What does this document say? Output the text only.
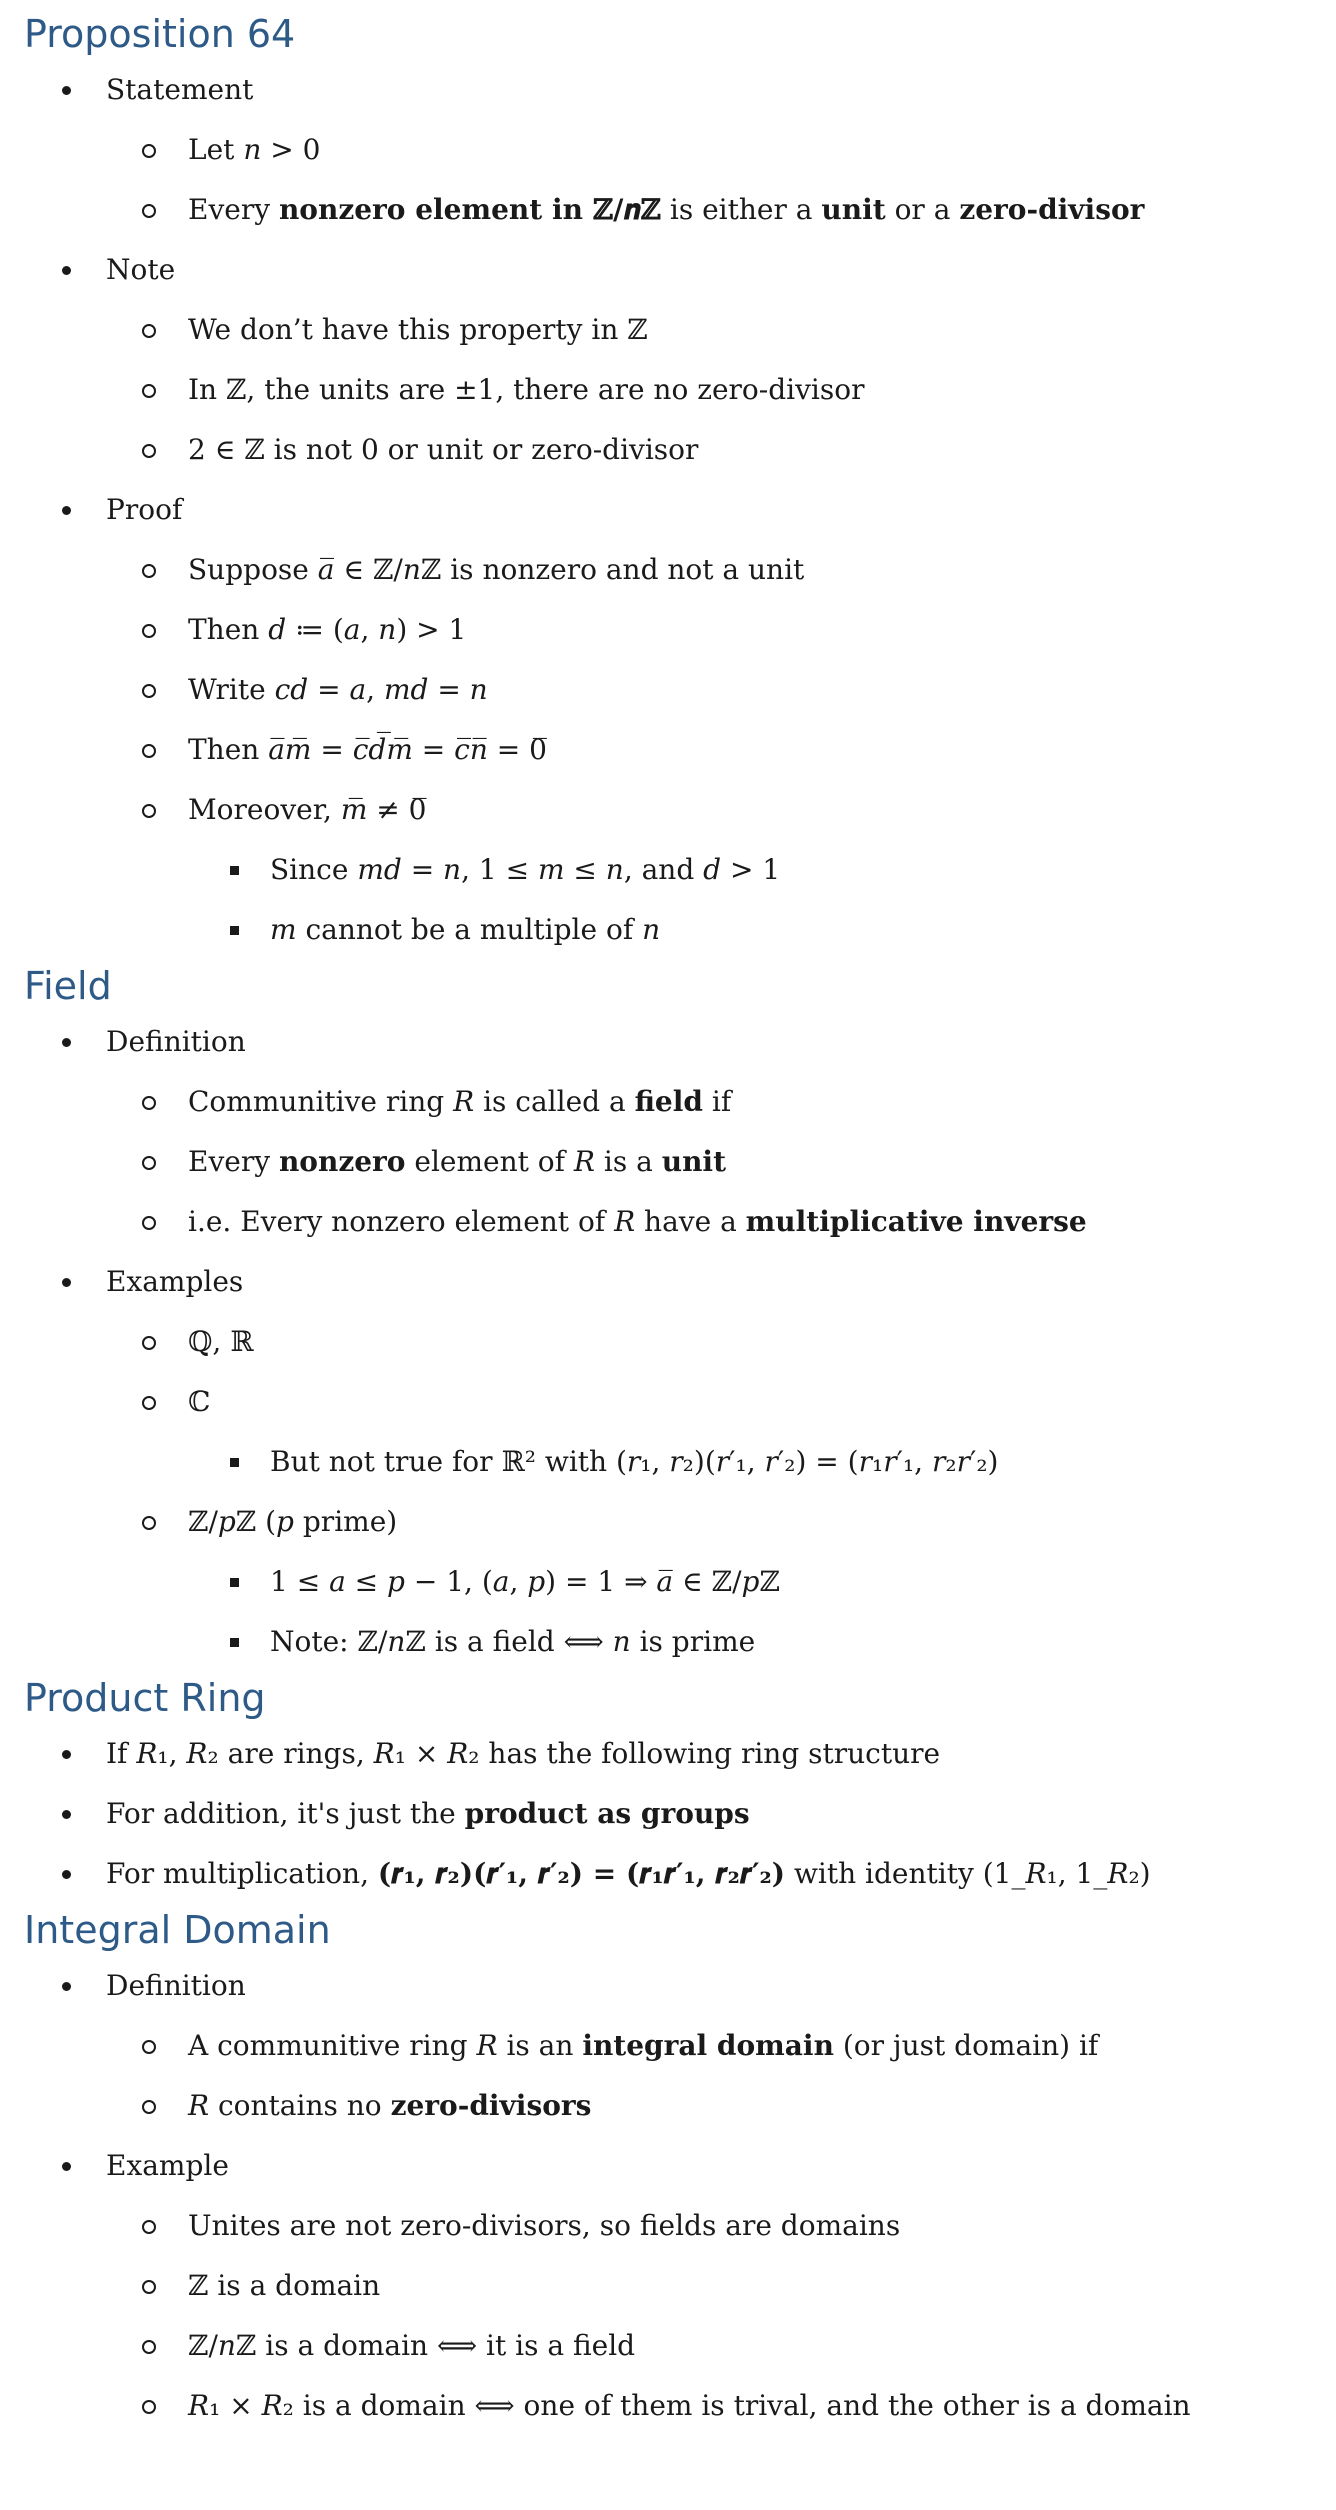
Proposition 64
Statement
Let 𝑛 > 0
Every nonzero element in ℤ/𝒏ℤ is either a unit or a zero-divisor
Note
We don’t have this property in ℤ
In ℤ, the units are ±1, there are no zero-divisor
2 ∈ ℤ is not 0 or unit or zero-divisor
Proof
Suppose 𝑎̅ ∈ ℤ/𝑛ℤ is nonzero and not a unit
Then 𝑑 ≔ (𝑎, 𝑛) > 1
Write 𝑐𝑑 = 𝑎, 𝑚𝑑 = 𝑛
Then 𝑎̅𝑚̅ = 𝑐̅𝑑̅𝑚̅ = 𝑐̅𝑛̅ = 0̅
Moreover, 𝑚̅ ≠ 0̅
Since 𝑚𝑑 = 𝑛, 1 ≤ 𝑚 ≤ 𝑛, and 𝑑 > 1
𝑚 cannot be a multiple of 𝑛
Field
Definition
Communitive ring 𝑅 is called a field if
Every nonzero element of 𝑅 is a unit
i.e. Every nonzero element of 𝑅 have a multiplicative inverse
Examples
ℚ, ℝ
ℂ
But not true for ℝ² with (𝑟₁, 𝑟₂)(𝑟′₁, 𝑟′₂) = (𝑟₁𝑟′₁, 𝑟₂𝑟′₂)
ℤ/𝑝ℤ (𝑝 prime)
1 ≤ 𝑎 ≤ 𝑝 − 1, (𝑎, 𝑝) = 1 ⇒ 𝑎̅ ∈ ℤ/𝑝ℤ
Note: ℤ/𝑛ℤ is a field ⟺ 𝑛 is prime
Product Ring
If 𝑅₁, 𝑅₂ are rings, 𝑅₁ × 𝑅₂ has the following ring structure
For addition, it's just the product as groups
For multiplication, (𝒓₁, 𝒓₂)(𝒓′₁, 𝒓′₂) = (𝒓₁𝒓′₁, 𝒓₂𝒓′₂) with identity (1_𝑅₁, 1_𝑅₂)
Integral Domain
Definition
A communitive ring 𝑅 is an integral domain (or just domain) if
𝑅 contains no zero-divisors
Example
Unites are not zero-divisors, so fields are domains
ℤ is a domain
ℤ/𝑛ℤ is a domain ⟺ it is a field
𝑅₁ × 𝑅₂ is a domain ⟺ one of them is trival, and the other is a domain
